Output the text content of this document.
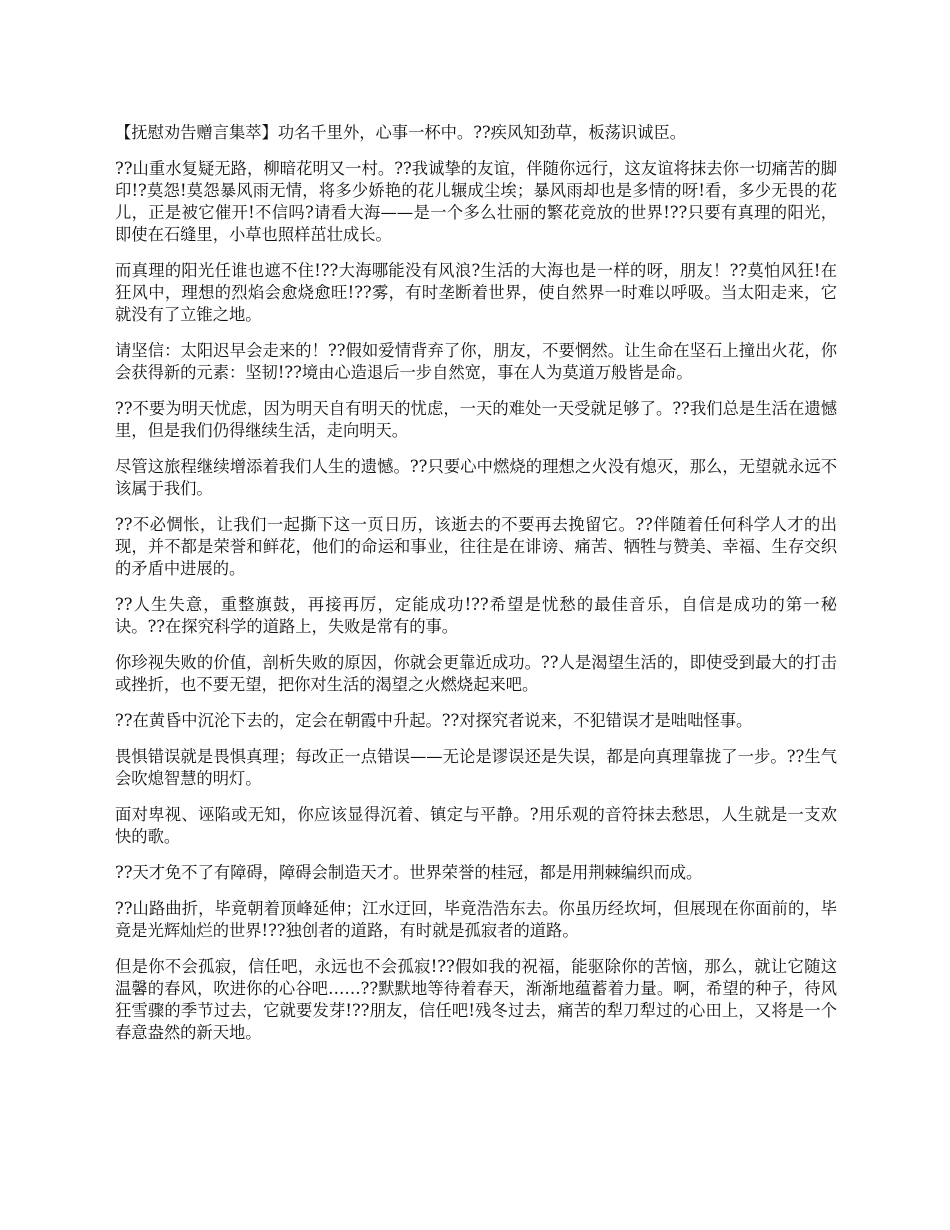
【抚慰劝告赠言集萃】功名千里外，心事一杯中。??疾风知劲草，板荡识诚臣。

??山重水复疑无路，柳暗花明又一村。??我诚挚的友谊，伴随你远行，这友谊将抹去你一切痛苦的脚印!?莫怨!莫怨暴风雨无情，将多少娇艳的花儿辗成尘埃；暴风雨却也是多情的呀!看，多少无畏的花儿，正是被它催开!不信吗?请看大海——是一个多么壮丽的繁花竞放的世界!??只要有真理的阳光，即使在石缝里，小草也照样茁壮成长。

而真理的阳光任谁也遮不住!??大海哪能没有风浪?生活的大海也是一样的呀，朋友！??莫怕风狂!在狂风中，理想的烈焰会愈烧愈旺!??雾，有时垄断着世界，使自然界一时难以呼吸。当太阳走来，它就没有了立锥之地。

请坚信：太阳迟早会走来的！??假如爱情背弃了你，朋友，不要惘然。让生命在坚石上撞出火花，你会获得新的元素：坚韧!??境由心造退后一步自然宽，事在人为莫道万般皆是命。

??不要为明天忧虑，因为明天自有明天的忧虑，一天的难处一天受就足够了。??我们总是生活在遗憾里，但是我们仍得继续生活，走向明天。

尽管这旅程继续增添着我们人生的遗憾。??只要心中燃烧的理想之火没有熄灭，那么，无望就永远不该属于我们。

??不必惆怅，让我们一起撕下这一页日历，该逝去的不要再去挽留它。??伴随着任何科学人才的出现，并不都是荣誉和鲜花，他们的命运和事业，往往是在诽谤、痛苦、牺牲与赞美、幸福、生存交织的矛盾中进展的。

??人生失意，重整旗鼓，再接再厉，定能成功!??希望是忧愁的最佳音乐，自信是成功的第一秘诀。??在探究科学的道路上，失败是常有的事。

你珍视失败的价值，剖析失败的原因，你就会更靠近成功。??人是渴望生活的，即使受到最大的打击或挫折，也不要无望，把你对生活的渴望之火燃烧起来吧。

??在黄昏中沉沦下去的，定会在朝霞中升起。??对探究者说来，不犯错误才是咄咄怪事。

畏惧错误就是畏惧真理；每改正一点错误——无论是谬误还是失误，都是向真理靠拢了一步。??生气会吹熄智慧的明灯。

面对卑视、诬陷或无知，你应该显得沉着、镇定与平静。?用乐观的音符抹去愁思，人生就是一支欢快的歌。

??天才免不了有障碍，障碍会制造天才。世界荣誉的桂冠，都是用荆棘编织而成。

??山路曲折，毕竟朝着顶峰延伸；江水迂回，毕竟浩浩东去。你虽历经坎坷，但展现在你面前的，毕竟是光辉灿烂的世界!??独创者的道路，有时就是孤寂者的道路。

但是你不会孤寂，信任吧，永远也不会孤寂!??假如我的祝福，能驱除你的苦恼，那么，就让它随这温馨的春风，吹进你的心谷吧……??默默地等待着春天，渐渐地蕴蓄着力量。啊，希望的种子，待风狂雪骤的季节过去，它就要发芽!??朋友，信任吧!残冬过去，痛苦的犁刀犁过的心田上，又将是一个春意盎然的新天地。
